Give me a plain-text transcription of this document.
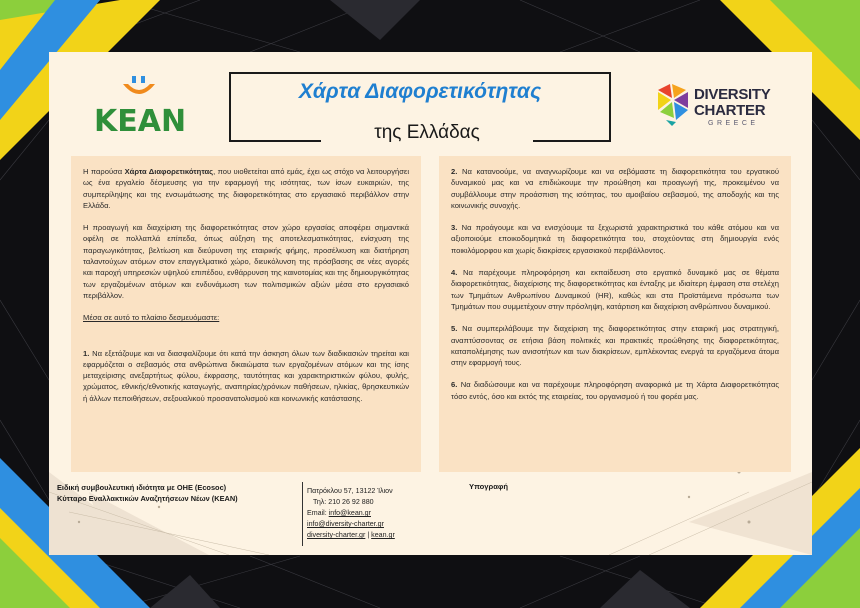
KEAN
Χάρτα Διαφορετικότητας
της Ελλάδας
DIVERSITY
CHARTER
GREECE

Η παρούσα Χάρτα Διαφορετικότητας, που υιοθετείται από εμάς, έχει ως στόχο να λειτουργήσει ως ένα εργαλείο δέσμευσης για την εφαρμογή της ισότητας, των ίσων ευκαιριών, της συμπερίληψης και της ενσωμάτωσης της διαφορετικότητας στο εργασιακό περιβάλλον στην Ελλάδα.

Η προαγωγή και διαχείριση της διαφορετικότητας στον χώρο εργασίας αποφέρει σημαντικά οφέλη σε πολλαπλά επίπεδα, όπως αύξηση της αποτελεσματικότητας, ενίσχυση της παραγωγικότητας, βελτίωση και διεύρυνση της εταιρικής φήμης, προσέλκυση και διατήρηση ταλαντούχων ατόμων στον επαγγελματικό χώρο, διευκόλυνση της πρόσβασης σε νέες αγορές και παροχή υπηρεσιών υψηλού επιπέδου, ενθάρρυνση της καινοτομίας και της δημιουργικότητας των εργαζομένων ατόμων και ενδυνάμωση των πολιτισμικών αξιών μέσα στο εργασιακό περιβάλλον.

Μέσα σε αυτό το πλαίσιο δεσμευόμαστε:

1. Να εξετάζουμε και να διασφαλίζουμε ότι κατά την άσκηση όλων των διαδικασιών τηρείται και εφαρμόζεται ο σεβασμός στα ανθρώπινα δικαιώματα των εργαζομένων ατόμων και της ίσης μεταχείρισης ανεξαρτήτως φύλου, έκφρασης, ταυτότητας και χαρακτηριστικών φύλου, φυλής, χρώματος, εθνικής/εθνοτικής καταγωγής, αναπηρίας/χρόνιων παθήσεων, ηλικίας, θρησκευτικών ή άλλων πεποιθήσεων, σεξουαλικού προσανατολισμού και κοινωνικής κατάστασης.

2. Να κατανοούμε, να αναγνωρίζουμε και να σεβόμαστε τη διαφορετικότητα του εργατικού δυναμικού μας και να επιδιώκουμε την προώθηση και προαγωγή της, προκειμένου να συμβάλλουμε στην προάσπιση της ισότητας, του αμοιβαίου σεβασμού, της αποδοχής και της κοινωνικής συνοχής.

3. Να προάγουμε και να ενισχύουμε τα ξεχωριστά χαρακτηριστικά του κάθε ατόμου και να αξιοποιούμε εποικοδομητικά τη διαφορετικότητα του, στοχεύοντας στη δημιουργία ενός ποικιλόμορφου και χωρίς διακρίσεις εργασιακού περιβάλλοντος.

4. Να παρέχουμε πληροφόρηση και εκπαίδευση στο εργατικό δυναμικό μας σε θέματα διαφορετικότητας, διαχείρισης της διαφορετικότητας και ένταξης με ιδιαίτερη έμφαση στα στελέχη των Τμημάτων Ανθρωπίνου Δυναμικού (HR), καθώς και στα Προϊστάμενα πρόσωπα των Τμημάτων που συμμετέχουν στην πρόσληψη, κατάρτιση και διαχείριση ανθρώπινου δυναμικού.

5. Να συμπεριλάβουμε την διαχείριση της διαφορετικότητας στην εταιρική μας στρατηγική, αναπτύσσοντας σε ετήσια βάση πολιτικές και πρακτικές προώθησης της διαφορετικότητας, καταπολέμησης των ανισοτήτων και των διακρίσεων, εμπλέκοντας ενεργά τα εργαζόμενα άτομα στην εφαρμογή τους.

6. Να διαδώσουμε και να παρέχουμε πληροφόρηση αναφορικά με τη Χάρτα Διαφορετικότητας τόσο εντός, όσο και εκτός της εταιρείας, του οργανισμού ή του φορέα μας.

Ειδική συμβουλευτική ιδιότητα με ΟΗΕ (Ecosoc)
Κύτταρο Εναλλακτικών Αναζητήσεων Νέων (KEAN)
Πατρόκλου 57, 13122 Ίλιον
Τηλ: 210 26 92 880
Email: info@kean.gr
info@diversity-charter.gr
diversity-charter.gr | kean.gr
Υπογραφή
